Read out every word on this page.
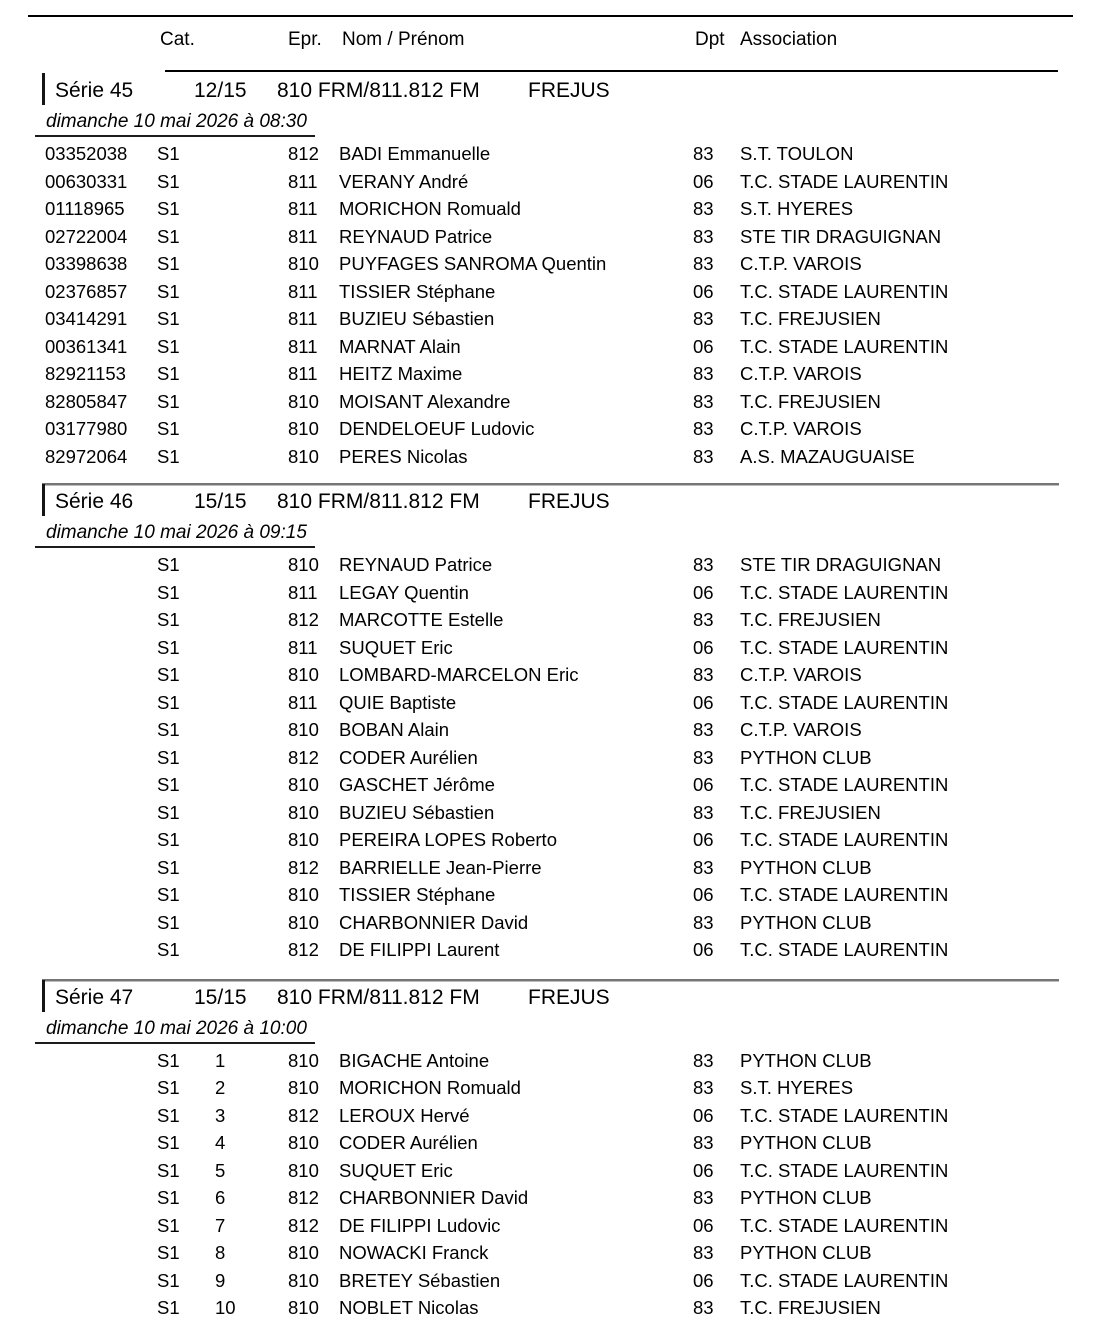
Cat.	Epr. Nom / Prénom	Dpt Association
Série 45	12/15 810 FRM/811.812 FM FREJUS
dimanche 10 mai 2026 à 08:30
03352038 S1	812 BADI Emmanuelle	83 S.T. TOULON
00630331 S1	811 VERANY André	06 T.C. STADE LAURENTIN
01118965 S1	811 MORICHON Romuald	83 S.T. HYERES
02722004 S1	811 REYNAUD Patrice	83 STE TIR DRAGUIGNAN
03398638 S1	810 PUYFAGES SANROMA Quentin	83 C.T.P. VAROIS
02376857 S1	811 TISSIER Stéphane	06 T.C. STADE LAURENTIN
03414291 S1	811 BUZIEU Sébastien	83 T.C. FREJUSIEN
00361341 S1	811 MARNAT Alain	06 T.C. STADE LAURENTIN
82921153 S1	811 HEITZ Maxime	83 C.T.P. VAROIS
82805847 S1	810 MOISANT Alexandre	83 T.C. FREJUSIEN
03177980 S1	810 DENDELOEUF Ludovic	83 C.T.P. VAROIS
82972064 S1	810 PERES Nicolas	83 A.S. MAZAUGUAISE
Série 46	15/15 810 FRM/811.812 FM FREJUS
dimanche 10 mai 2026 à 09:15
S1	810 REYNAUD Patrice	83 STE TIR DRAGUIGNAN
S1	811 LEGAY Quentin	06 T.C. STADE LAURENTIN
S1	812 MARCOTTE Estelle	83 T.C. FREJUSIEN
S1	811 SUQUET Eric	06 T.C. STADE LAURENTIN
S1	810 LOMBARD-MARCELON Eric	83 C.T.P. VAROIS
S1	811 QUIE Baptiste	06 T.C. STADE LAURENTIN
S1	810 BOBAN Alain	83 C.T.P. VAROIS
S1	812 CODER Aurélien	83 PYTHON CLUB
S1	810 GASCHET Jérôme	06 T.C. STADE LAURENTIN
S1	810 BUZIEU Sébastien	83 T.C. FREJUSIEN
S1	810 PEREIRA LOPES Roberto	06 T.C. STADE LAURENTIN
S1	812 BARRIELLE Jean-Pierre	83 PYTHON CLUB
S1	810 TISSIER Stéphane	06 T.C. STADE LAURENTIN
S1	810 CHARBONNIER David	83 PYTHON CLUB
S1	812 DE FILIPPI Laurent	06 T.C. STADE LAURENTIN
Série 47	15/15 810 FRM/811.812 FM FREJUS
dimanche 10 mai 2026 à 10:00
S1 1	810 BIGACHE Antoine	83 PYTHON CLUB
S1 2	810 MORICHON Romuald	83 S.T. HYERES
S1 3	812 LEROUX Hervé	06 T.C. STADE LAURENTIN
S1 4	810 CODER Aurélien	83 PYTHON CLUB
S1 5	810 SUQUET Eric	06 T.C. STADE LAURENTIN
S1 6	812 CHARBONNIER David	83 PYTHON CLUB
S1 7	812 DE FILIPPI Ludovic	06 T.C. STADE LAURENTIN
S1 8	810 NOWACKI Franck	83 PYTHON CLUB
S1 9	810 BRETEY Sébastien	06 T.C. STADE LAURENTIN
S1 10	810 NOBLET Nicolas	83 T.C. FREJUSIEN
